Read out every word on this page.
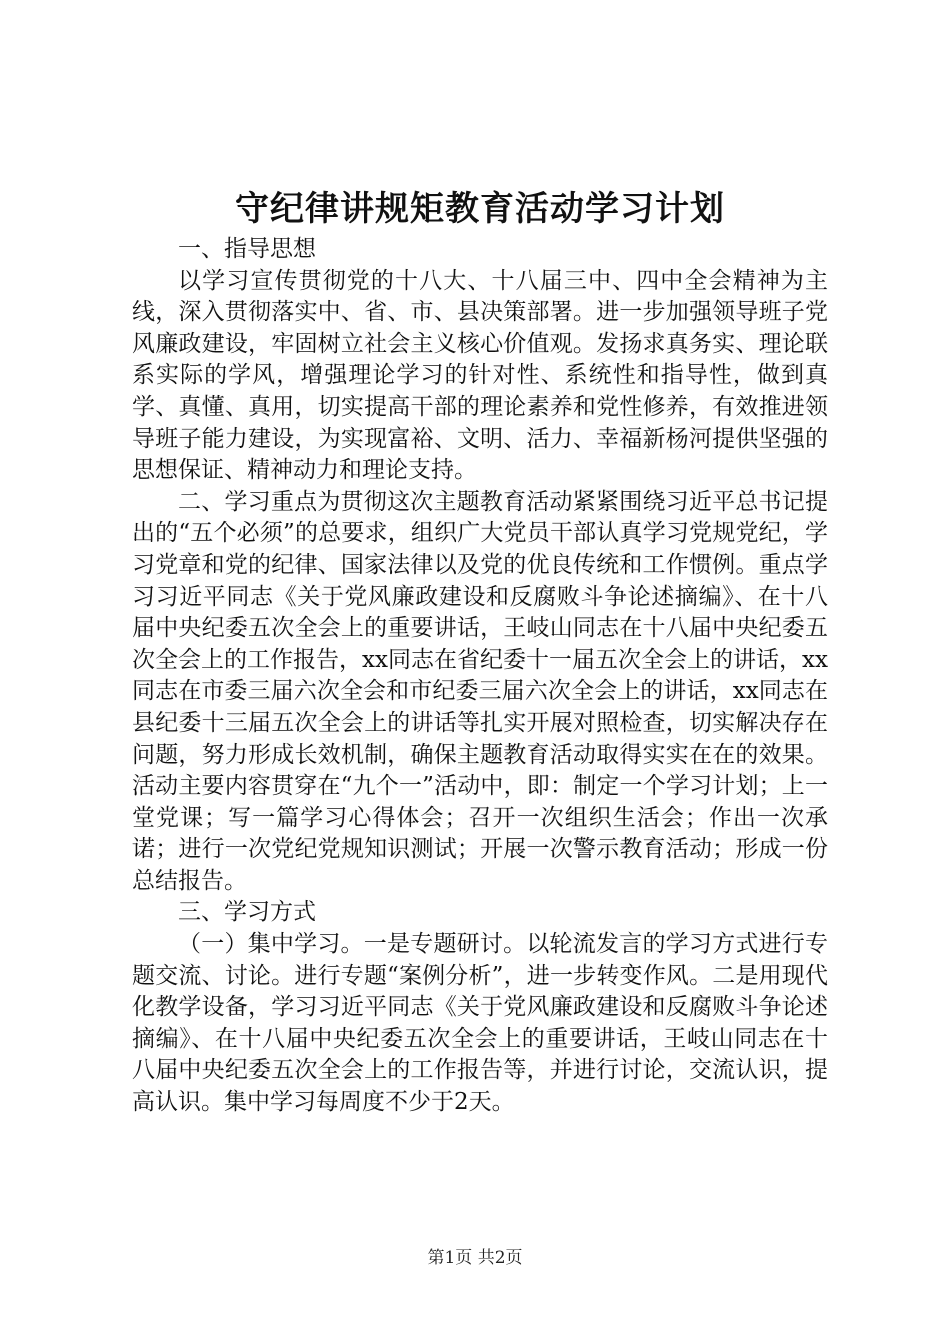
守纪律讲规矩教育活动学习计划

一、指导思想

以学习宣传贯彻党的十八大、十八届三中、四中全会精神为主线，深入贯彻落实中、省、市、县决策部署。进一步加强领导班子党风廉政建设，牢固树立社会主义核心价值观。发扬求真务实、理论联系实际的学风，增强理论学习的针对性、系统性和指导性，做到真学、真懂、真用，切实提高干部的理论素养和党性修养，有效推进领导班子能力建设，为实现富裕、文明、活力、幸福新杨河提供坚强的思想保证、精神动力和理论支持。

二、学习重点为贯彻这次主题教育活动紧紧围绕习近平总书记提出的“五个必须”的总要求，组织广大党员干部认真学习党规党纪，学习党章和党的纪律、国家法律以及党的优良传统和工作惯例。重点学习习近平同志《关于党风廉政建设和反腐败斗争论述摘编》、在十八届中央纪委五次全会上的重要讲话，王岐山同志在十八届中央纪委五次全会上的工作报告，xx同志在省纪委十一届五次全会上的讲话，xx同志在市委三届六次全会和市纪委三届六次全会上的讲话，xx同志在县纪委十三届五次全会上的讲话等扎实开展对照检查，切实解决存在问题，努力形成长效机制，确保主题教育活动取得实实在在的效果。活动主要内容贯穿在“九个一”活动中，即：制定一个学习计划；上一堂党课；写一篇学习心得体会；召开一次组织生活会；作出一次承诺；进行一次党纪党规知识测试；开展一次警示教育活动；形成一份总结报告。

三、学习方式

（一）集中学习。一是专题研讨。以轮流发言的学习方式进行专题交流、讨论。进行专题“案例分析”，进一步转变作风。二是用现代化教学设备，学习习近平同志《关于党风廉政建设和反腐败斗争论述摘编》、在十八届中央纪委五次全会上的重要讲话，王岐山同志在十八届中央纪委五次全会上的工作报告等，并进行讨论，交流认识，提高认识。集中学习每周度不少于2天。

第1页 共2页
